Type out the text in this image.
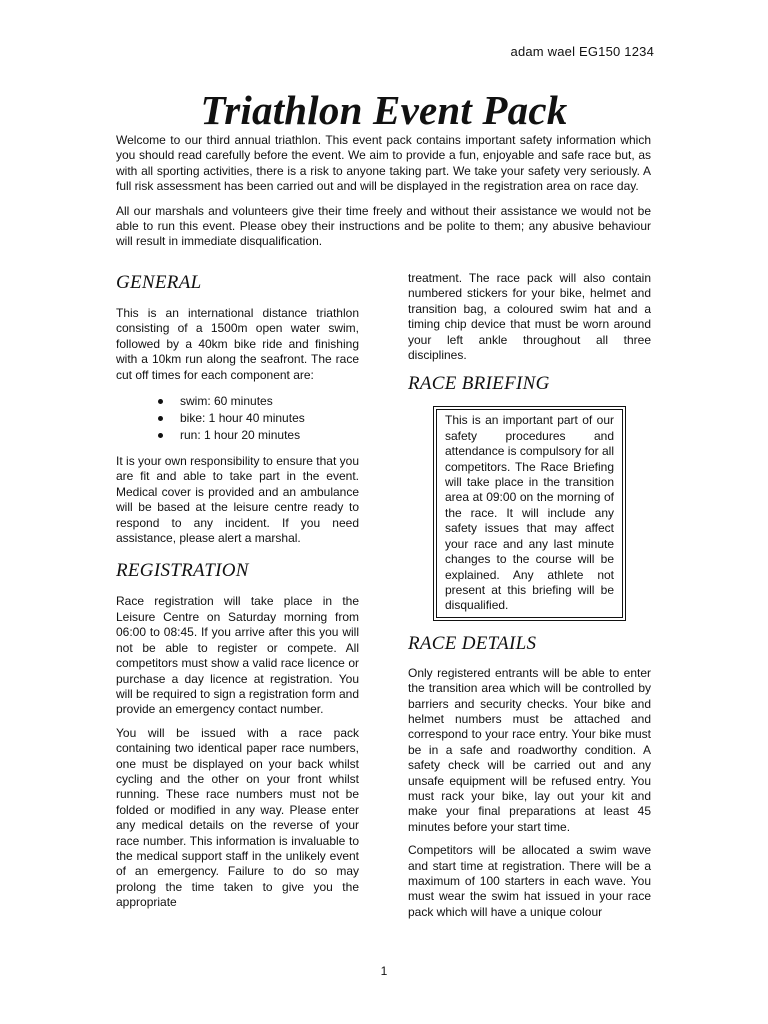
adam wael EG150 1234
Triathlon Event Pack

Welcome to our third annual triathlon. This event pack contains important safety information which you should read carefully before the event. We aim to provide a fun, enjoyable and safe race but, as with all sporting activities, there is a risk to anyone taking part. We take your safety very seriously. A full risk assessment has been carried out and will be displayed in the registration area on race day.

All our marshals and volunteers give their time freely and without their assistance we would not be able to run this event. Please obey their instructions and be polite to them; any abusive behaviour will result in immediate disqualification.

GENERAL

This is an international distance triathlon consisting of a 1500m open water swim, followed by a 40km bike ride and finishing with a 10km run along the seafront. The race cut off times for each component are:

swim: 60 minutes
bike: 1 hour 40 minutes
run: 1 hour 20 minutes

It is your own responsibility to ensure that you are fit and able to take part in the event. Medical cover is provided and an ambulance will be based at the leisure centre ready to respond to any incident. If you need assistance, please alert a marshal.

REGISTRATION

Race registration will take place in the Leisure Centre on Saturday morning from 06:00 to 08:45. If you arrive after this you will not be able to register or compete. All competitors must show a valid race licence or purchase a day licence at registration. You will be required to sign a registration form and provide an emergency contact number.

You will be issued with a race pack containing two identical paper race numbers, one must be displayed on your back whilst cycling and the other on your front whilst running. These race numbers must not be folded or modified in any way. Please enter any medical details on the reverse of your race number. This information is invaluable to the medical support staff in the unlikely event of an emergency. Failure to do so may prolong the time taken to give you the appropriate

treatment. The race pack will also contain numbered stickers for your bike, helmet and transition bag, a coloured swim hat and a timing chip device that must be worn around your left ankle throughout all three disciplines.

RACE BRIEFING
This is an important part of our safety procedures and attendance is compulsory for all competitors. The Race Briefing will take place in the transition area at 09:00 on the morning of the race. It will include any safety issues that may affect your race and any last minute changes to the course will be explained. Any athlete not present at this briefing will be disqualified.
RACE DETAILS

Only registered entrants will be able to enter the transition area which will be controlled by barriers and security checks. Your bike and helmet numbers must be attached and correspond to your race entry. Your bike must be in a safe and roadworthy condition. A safety check will be carried out and any unsafe equipment will be refused entry. You must rack your bike, lay out your kit and make your final preparations at least 45 minutes before your start time.

Competitors will be allocated a swim wave and start time at registration. There will be a maximum of 100 starters in each wave. You must wear the swim hat issued in your race pack which will have a unique colour

1
